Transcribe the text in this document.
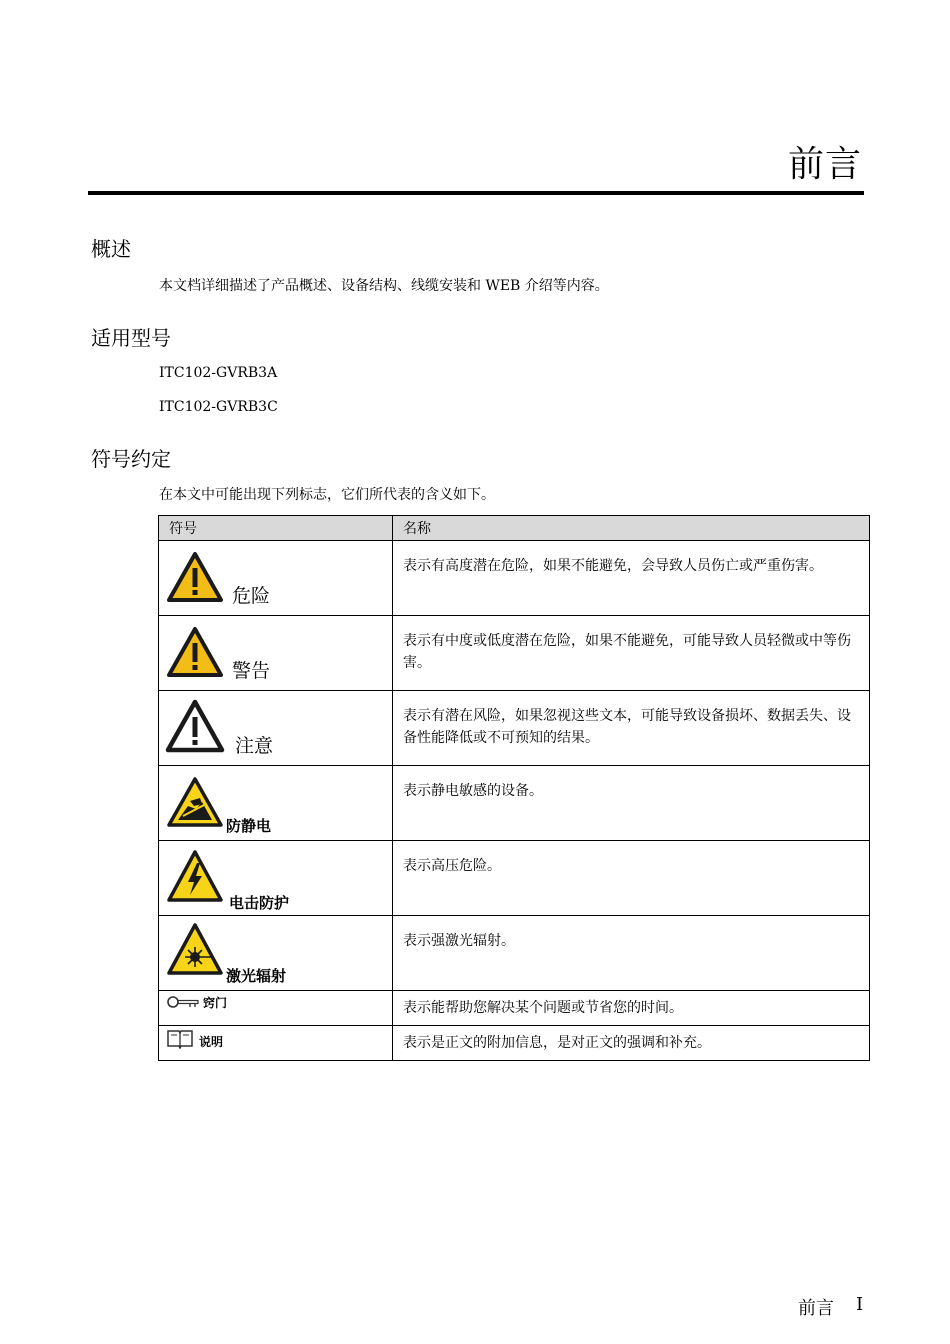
前言
概述

本文档详细描述了产品概述、设备结构、线缆安装和 WEB 介绍等内容。

适用型号

ITC102-GVRB3A

ITC102-GVRB3C

符号约定

在本文中可能出现下列标志，它们所代表的含义如下。

符号	名称

危险	表示有高度潜在危险，如果不能避免，会导致人员伤亡或严重伤害。

警告	表示有中度或低度潜在危险，如果不能避免，可能导致人员轻微或中等伤害。

注意	表示有潜在风险，如果忽视这些文本，可能导致设备损坏、数据丢失、设备性能降低或不可预知的结果。

防静电	表示静电敏感的设备。

电击防护	表示高压危险。

激光辐射	表示强激光辐射。

窍门	表示能帮助您解决某个问题或节省您的时间。

说明	表示是正文的附加信息，是对正文的强调和补充。
前言 I
